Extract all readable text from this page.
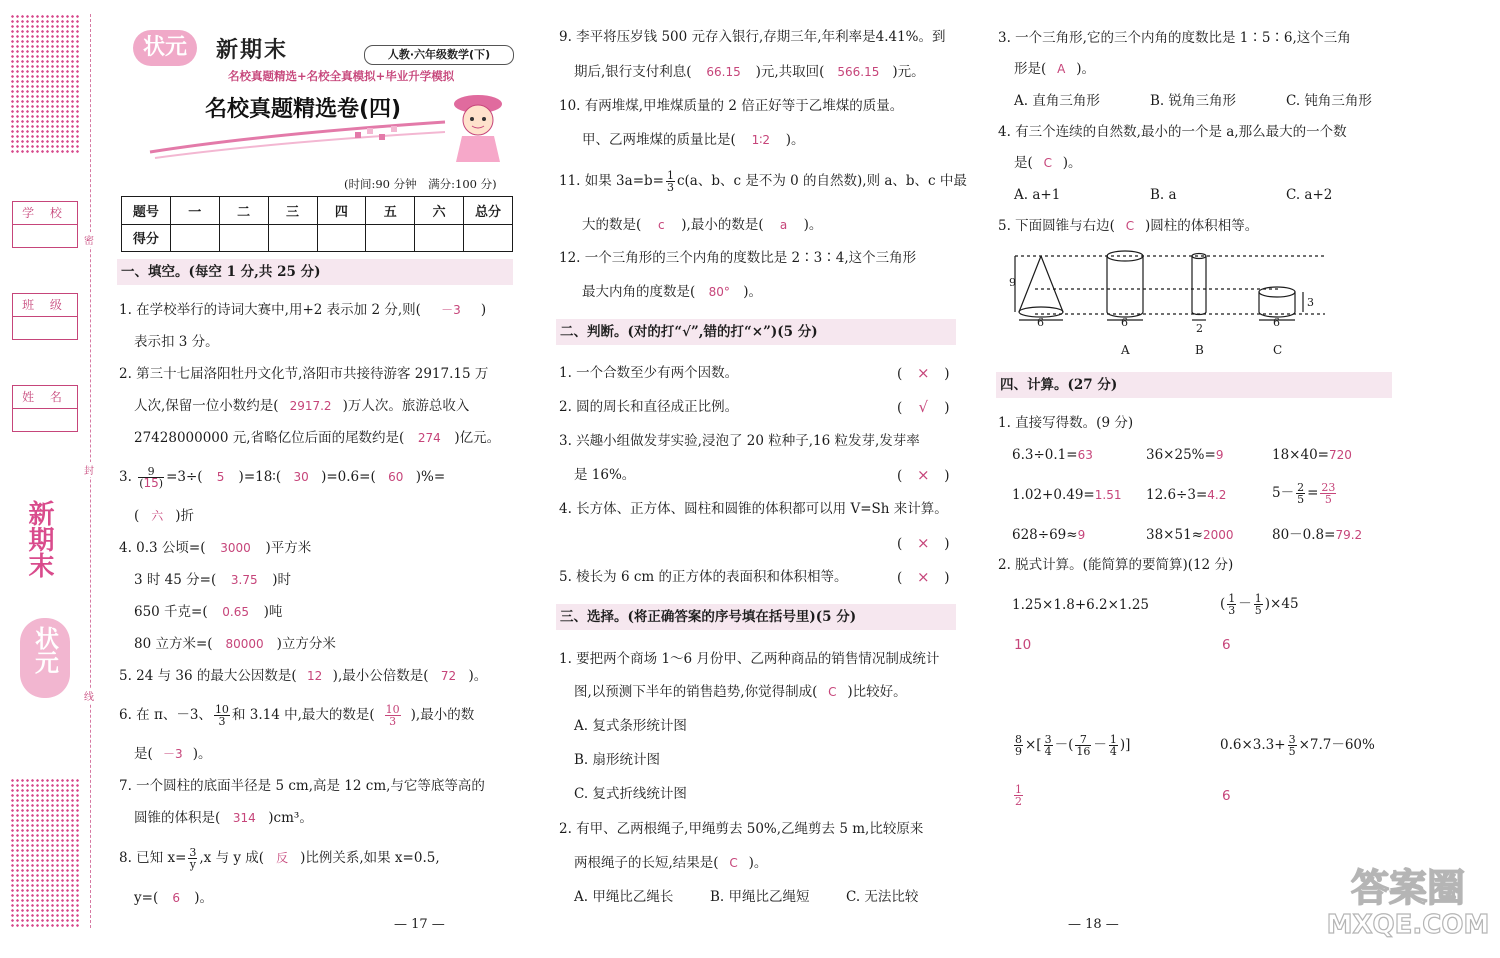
密
封
线
学 校
班 级
姓 名
新期末
状元
状元	新期末	人教·六年级数学(下)
名校真题精选+名校全真模拟+毕业升学模拟
名校真题精选卷(四)
(时间:90 分钟　满分:100 分)
题号	一	二	三	四	五	六	总分
得分							
一、填空。(每空 1 分,共 25 分)
1. 在学校举行的诗词大赛中,用+2 表示加 2 分,则( －3 )
表示扣 3 分。
2. 第三十七届洛阳牡丹文化节,洛阳市共接待游客 2917.15 万
人次,保留一位小数约是( 2917.2 )万人次。旅游总收入
27428000000 元,省略亿位后面的尾数约是( 274 )亿元。
3. $\frac{9}{(15)} =3\div$( 5 )=18∶( 30 )=0.6=( 60 )%=
( 六 )折
4. 0.3 公顷=( 3000 )平方米
3 时 45 分=( 3.75 )时
650 千克=( 0.65 )吨
80 立方米=( 80000 )立方分米
5. 24 与 36 的最大公因数是( 12 ),最小公倍数是( 72 )。
6. 在 π、－3、 $\frac{10}{3}$ 和 3.14 中,最大的数是( $\frac{10}{3}$ ),最小的数
是( －3 )。
7. 一个圆柱的底面半径是 5 cm,高是 12 cm,与它等底等高的
圆锥的体积是( 314 )cm³。
8. 已知 $x= \frac{3}{y} ,x$ 与 y 成( 反 )比例关系,如果 x=0.5,
y=( 6 )。
9. 李平将压岁钱 500 元存入银行,存期三年,年利率是4.41%。到
期后,银行支付利息( 66.15 )元,共取回( 566.15 )元。
10. 有两堆煤,甲堆煤质量的 2 倍正好等于乙堆煤的质量。
甲、乙两堆煤的质量比是( 1∶2 )。
11. 如果 $3a=b= \frac{1}{3} c(a$、b、c 是不为 0 的自然数),则 a、b、c 中最
大的数是( c ),最小的数是( a )。
12. 一个三角形的三个内角的度数比是 2∶3∶4,这个三角形
最大内角的度数是( 80° )。
二、判断。(对的打“√”,错的打“×”)(5 分)
1. 一个合数至少有两个因数。	( × )
2. 圆的周长和直径成正比例。	( √ )
3. 兴趣小组做发芽实验,浸泡了 20 粒种子,16 粒发芽,发芽率
是 16%。	( × )
4. 长方体、正方体、圆柱和圆锥的体积都可以用 V=Sh 来计算。
( × )
5. 棱长为 6 cm 的正方体的表面积和体积相等。	( × )
三、选择。(将正确答案的序号填在括号里)(5 分)
1. 要把两个商场 1～6 月份甲、乙两种商品的销售情况制成统计
图,以预测下半年的销售趋势,你觉得制成( C )比较好。
A. 复式条形统计图
B. 扇形统计图
C. 复式折线统计图
2. 有甲、乙两根绳子,甲绳剪去 50%,乙绳剪去 5 m,比较原来
两根绳子的长短,结果是( C )。
A. 甲绳比乙绳长	B. 甲绳比乙绳短	C. 无法比较
— 17 —
3. 一个三角形,它的三个内角的度数比是 1∶5∶6,这个三角
形是( A )。
A. 直角三角形	B. 锐角三角形	C. 钝角三角形
4. 有三个连续的自然数,最小的一个是 a,那么最大的一个数
是( C )。
A. a+1	B. a	C. a+2
5. 下面圆锥与右边( C )圆柱的体积相等。
9
6	6	2	6
3
A	B	C
四、计算。(27 分)
1. 直接写得数。(9 分)
6.3÷0.1=63	36×25%=9	18×40=720
1.02+0.49=1.51 12.6÷3=4.2	$5- \frac{2}{5} = \frac{23}{5}$
628÷69≈9	38×51≈2000	80－0.8=79.2
2. 脱式计算。(能简算的要简算)(12 分)
1.25×1.8+6.2×1.25
10
( $\frac{1}{3} - \frac{1}{5} )\times 45$
6
$\frac{8}{9}$ ×[ $\frac{3}{4}$ －( $\frac{7}{16} - \frac{1}{4}$ )]
$\frac{1}{2}$
$0.6\times 3.3+ \frac{3}{5} \times 7.7-60\%$
6
— 18 —
答案圈
MXQE.COM
